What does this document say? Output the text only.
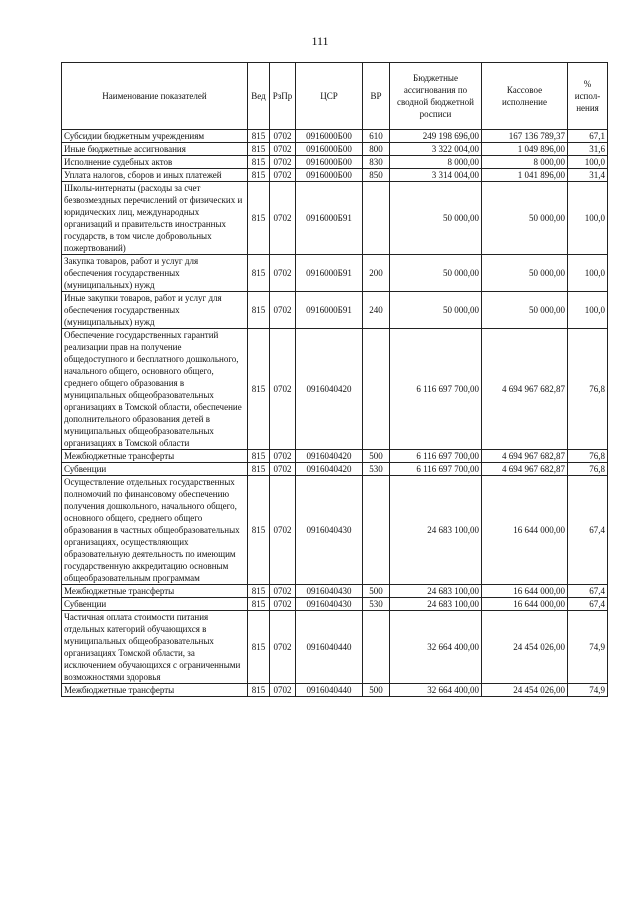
111
Наименование показателей	Вед	РзПр	ЦСР	ВР	Бюджетные ассигнования по сводной бюджетной росписи	Кассовое исполнение	% испол-нения
Субсидии бюджетным учреждениям	815	0702	0916000Б00	610	249 198 696,00	167 136 789,37	67,1
Иные бюджетные ассигнования	815	0702	0916000Б00	800	3 322 004,00	1 049 896,00	31,6
Исполнение судебных актов	815	0702	0916000Б00	830	8 000,00	8 000,00	100,0
Уплата налогов, сборов и иных платежей	815	0702	0916000Б00	850	3 314 004,00	1 041 896,00	31,4
Школы-интернаты (расходы за счет безвозмездных перечислений от физических и юридических лиц, международных организаций и правительств иностранных государств, в том числе добровольных пожертвований)	815	0702	0916000Б91		50 000,00	50 000,00	100,0
Закупка товаров, работ и услуг для обеспечения государственных (муниципальных) нужд	815	0702	0916000Б91	200	50 000,00	50 000,00	100,0
Иные закупки товаров, работ и услуг для обеспечения государственных (муниципальных) нужд	815	0702	0916000Б91	240	50 000,00	50 000,00	100,0
Обеспечение государственных гарантий реализации прав на получение общедоступного и бесплатного дошкольного, начального общего, основного общего, среднего общего образования в муниципальных общеобразовательных организациях в Томской области, обеспечение дополнительного образования детей в муниципальных общеобразовательных организациях в Томской области	815	0702	0916040420		6 116 697 700,00	4 694 967 682,87	76,8
Межбюджетные трансферты	815	0702	0916040420	500	6 116 697 700,00	4 694 967 682,87	76,8
Субвенции	815	0702	0916040420	530	6 116 697 700,00	4 694 967 682,87	76,8
Осуществление отдельных государственных полномочий по финансовому обеспечению получения дошкольного, начального общего, основного общего, среднего общего образования в частных общеобразовательных организациях, осуществляющих образовательную деятельность по имеющим государственную аккредитацию основным общеобразовательным программам	815	0702	0916040430		24 683 100,00	16 644 000,00	67,4
Межбюджетные трансферты	815	0702	0916040430	500	24 683 100,00	16 644 000,00	67,4
Субвенции	815	0702	0916040430	530	24 683 100,00	16 644 000,00	67,4
Частичная оплата стоимости питания отдельных категорий обучающихся в муниципальных общеобразовательных организациях Томской области, за исключением обучающихся с ограниченными возможностями здоровья	815	0702	0916040440		32 664 400,00	24 454 026,00	74,9
Межбюджетные трансферты	815	0702	0916040440	500	32 664 400,00	24 454 026,00	74,9
